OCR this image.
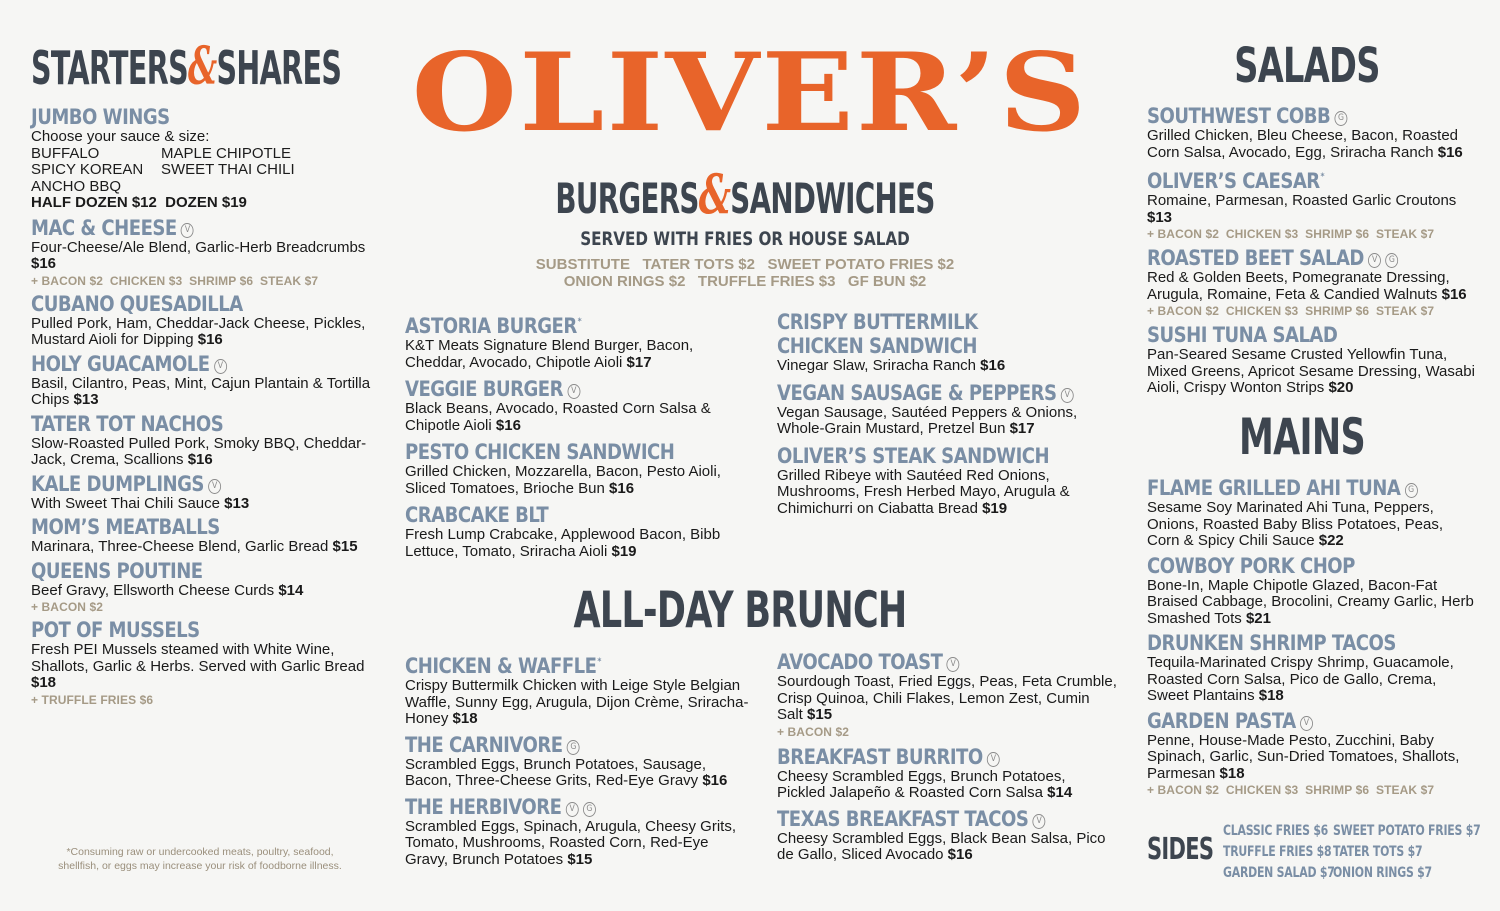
STARTERS&SHARES

JUMBO WINGS

Choose your sauce & size:

BUFFALO	MAPLE CHIPOTLE
SPICY KOREAN	SWEET THAI CHILI
ANCHO BBQ

HALF DOZEN $12  DOZEN $19

MAC & CHEESE V

Four-Cheese/Ale Blend, Garlic-Herb Breadcrumbs $16

+ BACON $2  CHICKEN $3  SHRIMP $6  STEAK $7

CUBANO QUESADILLA

Pulled Pork, Ham, Cheddar-Jack Cheese, Pickles, Mustard Aioli for Dipping $16

HOLY GUACAMOLE V

Basil, Cilantro, Peas, Mint, Cajun Plantain & Tortilla Chips $13

TATER TOT NACHOS

Slow-Roasted Pulled Pork, Smoky BBQ, Cheddar-Jack, Crema, Scallions $16

KALE DUMPLINGS V

With Sweet Thai Chili Sauce $13

MOM’S MEATBALLS

Marinara, Three-Cheese Blend, Garlic Bread $15

QUEENS POUTINE

Beef Gravy, Ellsworth Cheese Curds $14

+ BACON $2

POT OF MUSSELS

Fresh PEI Mussels steamed with White Wine, Shallots, Garlic & Herbs. Served with Garlic Bread $18

+ TRUFFLE FRIES $6

*Consuming raw or undercooked meats, poultry, seafood, shellfish, or eggs may increase your risk of foodborne illness.

OLIVER’S
BURGERS&SANDWICHES
SERVED WITH FRIES OR HOUSE SALAD
SUBSTITUTE   TATER TOTS $2   SWEET POTATO FRIES $2
ONION RINGS $2   TRUFFLE FRIES $3   GF BUN $2

ASTORIA BURGER*

K&T Meats Signature Blend Burger, Bacon, Cheddar, Avocado, Chipotle Aioli $17

VEGGIE BURGER V

Black Beans, Avocado, Roasted Corn Salsa & Chipotle Aioli $16

PESTO CHICKEN SANDWICH

Grilled Chicken, Mozzarella, Bacon, Pesto Aioli, Sliced Tomatoes, Brioche Bun $16

CRABCAKE BLT

Fresh Lump Crabcake, Applewood Bacon, Bibb Lettuce, Tomato, Sriracha Aioli $19

CRISPY BUTTERMILK

CHICKEN SANDWICH

Vinegar Slaw, Sriracha Ranch $16

VEGAN SAUSAGE & PEPPERS V

Vegan Sausage, Sautéed Peppers & Onions, Whole-Grain Mustard, Pretzel Bun $17

OLIVER’S STEAK SANDWICH

Grilled Ribeye with Sautéed Red Onions, Mushrooms, Fresh Herbed Mayo, Arugula & Chimichurri on Ciabatta Bread $19

ALL-DAY BRUNCH

CHICKEN & WAFFLE*

Crispy Buttermilk Chicken with Leige Style Belgian Waffle, Sunny Egg, Arugula, Dijon Crème, Sriracha-Honey $18

THE CARNIVORE G

Scrambled Eggs, Brunch Potatoes, Sausage, Bacon, Three-Cheese Grits, Red-Eye Gravy $16

THE HERBIVORE V G

Scrambled Eggs, Spinach, Arugula, Cheesy Grits, Tomato, Mushrooms, Roasted Corn, Red-Eye Gravy, Brunch Potatoes $15

AVOCADO TOAST V

Sourdough Toast, Fried Eggs, Peas, Feta Crumble, Crisp Quinoa, Chili Flakes, Lemon Zest, Cumin Salt $15

+ BACON $2

BREAKFAST BURRITO V

Cheesy Scrambled Eggs, Brunch Potatoes, Pickled Jalapeño & Roasted Corn Salsa $14

TEXAS BREAKFAST TACOS V

Cheesy Scrambled Eggs, Black Bean Salsa, Pico de Gallo, Sliced Avocado $16

SALADS

SOUTHWEST COBB G

Grilled Chicken, Bleu Cheese, Bacon, Roasted Corn Salsa, Avocado, Egg, Sriracha Ranch $16

OLIVER’S CAESAR*

Romaine, Parmesan, Roasted Garlic Croutons $13

+ BACON $2  CHICKEN $3  SHRIMP $6  STEAK $7

ROASTED BEET SALAD V G

Red & Golden Beets, Pomegranate Dressing, Arugula, Romaine, Feta & Candied Walnuts $16

+ BACON $2  CHICKEN $3  SHRIMP $6  STEAK $7

SUSHI TUNA SALAD

Pan-Seared Sesame Crusted Yellowfin Tuna, Mixed Greens, Apricot Sesame Dressing, Wasabi Aioli, Crispy Wonton Strips $20

MAINS

FLAME GRILLED AHI TUNA G

Sesame Soy Marinated Ahi Tuna, Peppers, Onions, Roasted Baby Bliss Potatoes, Peas, Corn & Spicy Chili Sauce $22

COWBOY PORK CHOP

Bone-In, Maple Chipotle Glazed, Bacon-Fat Braised Cabbage, Brocolini, Creamy Garlic, Herb Smashed Tots $21

DRUNKEN SHRIMP TACOS

Tequila-Marinated Crispy Shrimp, Guacamole, Roasted Corn Salsa, Pico de Gallo, Crema, Sweet Plantains $18

GARDEN PASTA V

Penne, House-Made Pesto, Zucchini, Baby Spinach, Garlic, Sun-Dried Tomatoes, Shallots, Parmesan $18

+ BACON $2  CHICKEN $3  SHRIMP $6  STEAK $7

SIDES
CLASSIC FRIES $6 SWEET POTATO FRIES $7
TRUFFLE FRIES $8 TATER TOTS $7
GARDEN SALAD $7
ONION RINGS $7
